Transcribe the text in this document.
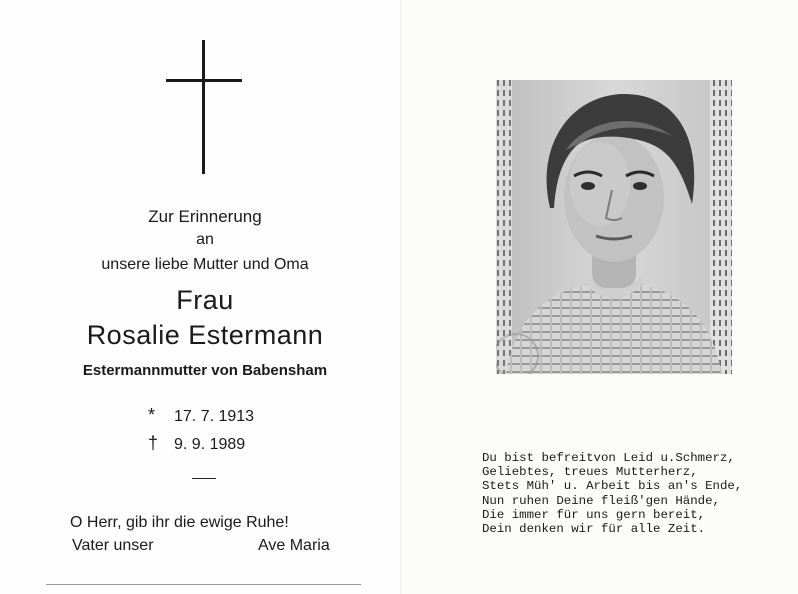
Zur Erinnerung
an
unsere liebe Mutter und Oma
Frau
Rosalie Estermann
Estermannmutter von Babensham
*	17. 7. 1913
† 9. 9. 1989
O Herr, gib ihr die ewige Ruhe!
Vater unser	Ave Maria
Du bist befreitvon Leid u.Schmerz,
Geliebtes, treues Mutterherz,
Stets Müh' u. Arbeit bis an's Ende,
Nun ruhen Deine fleiß'gen Hände,
Die immer für uns gern bereit,
Dein denken wir für alle Zeit.
